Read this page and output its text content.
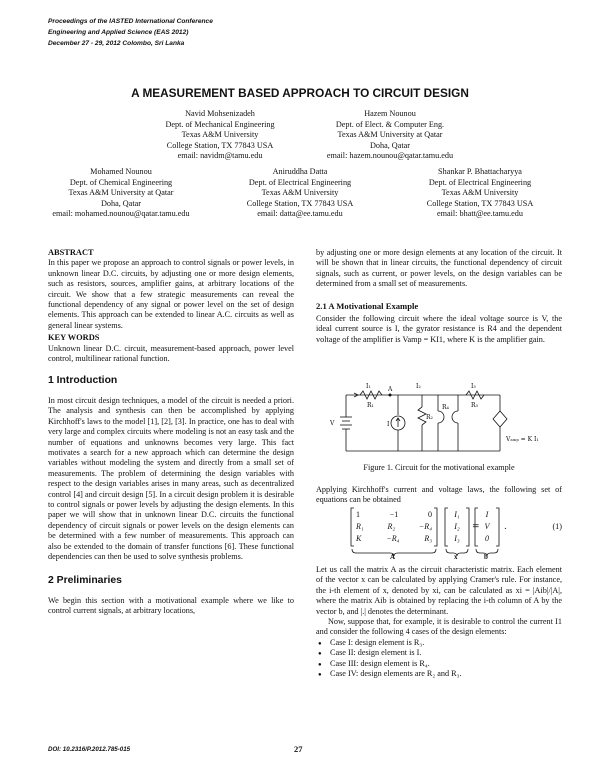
Proceedings of the IASTED International Conference
Engineering and Applied Science (EAS 2012)
December 27 - 29, 2012 Colombo, Sri Lanka
A MEASUREMENT BASED APPROACH TO CIRCUIT DESIGN
Navid Mohsenizadeh
Dept. of Mechanical Engineering
Texas A&M University
College Station, TX 77843 USA
email: navidm@tamu.edu
Hazem Nounou
Dept. of Elect. & Computer Eng.
Texas A&M University at Qatar
Doha, Qatar
email: hazem.nounou@qatar.tamu.edu
Mohamed Nounou
Dept. of Chemical Engineering
Texas A&M University at Qatar
Doha, Qatar
email: mohamed.nounou@qatar.tamu.edu
Aniruddha Datta
Dept. of Electrical Engineering
Texas A&M University
College Station, TX 77843 USA
email: datta@ee.tamu.edu
Shankar P. Bhattacharyya
Dept. of Electrical Engineering
Texas A&M University
College Station, TX 77843 USA
email: bhatt@ee.tamu.edu
ABSTRACT

In this paper we propose an approach to control signals or power levels, in unknown linear D.C. circuits, by adjusting one or more design elements, such as resistors, sources, amplifier gains, at arbitrary locations of the circuit. We show that a few strategic measurements can reveal the functional dependency of any signal or power level on the set of design elements. This approach can be extended to linear A.C. circuits as well as general linear systems.

KEY WORDS

Unknown linear D.C. circuit, measurement-based approach, power level control, multilinear rational function.

1 Introduction

In most circuit design techniques, a model of the circuit is needed a priori. The analysis and synthesis can then be accomplished by applying Kirchhoff's laws to the model [1], [2], [3]. In practice, one has to deal with very large and complex circuits where modeling is not an easy task and the number of equations and unknowns becomes very large. This fact motivates a search for a new approach which can determine the design variables without modeling the system and directly from a small set of measurements. The problem of determining the design variables with respect to the design variables arises in many areas, such as decentralized control [4] and circuit design [5]. In a circuit design problem it is desirable to control signals or power levels by adjusting the design elements. In this paper we will show that in unknown linear D.C. circuits the functional dependency of circuit signals or power levels on the design elements can be determined with a few number of measurements. This approach can also be extended to the domain of transfer functions [6]. These functional dependencies can then be used to solve synthesis problems.

2 Preliminaries

We begin this section with a motivational example where we like to control current signals, at arbitrary locations,

by adjusting one or more design elements at any location of the circuit. It will be shown that in linear circuits, the functional dependency of circuit signals, such as current, or power levels, on the design variables can be determined from a small set of measurements.

2.1 A Motivational Example

Consider the following circuit where the ideal voltage source is V, the ideal current source is I, the gyrator resistance is R4 and the dependent voltage of the amplifier is Vamp = KI1, where K is the amplifier gain.

V
R₁
I₁	A
I
R₂
I₂
R₄	R₃
I₃
Vₐₘₚ = K I₁
Figure 1. Circuit for the motivational example
Applying Kirchhoff's current and voltage laws, the following set of equations can be obtained
=	.
1	−1	0
R₁	R₂	−R₄
K	−R₄	R₃
I₁
I₂
I₃
I
V
0
A	x	b
(1)

Let us call the matrix A as the circuit characteristic matrix. Each element of the vector x can be calculated by applying Cramer's rule. For instance, the i-th element of x, denoted by xi, can be calculated as xi = |Aib|/|A|, where the matrix Aib is obtained by replacing the i-th column of A by the vector b, and |.| denotes the determinant.

Now, suppose that, for example, it is desirable to control the current I1 and consider the following 4 cases of the design elements:

● Case I: design element is R₃.
● Case II: design element is I.
● Case III: design element is R₄.
● Case IV: design elements are R₂ and R₃.
DOI: 10.2316/P.2012.785-015	27
